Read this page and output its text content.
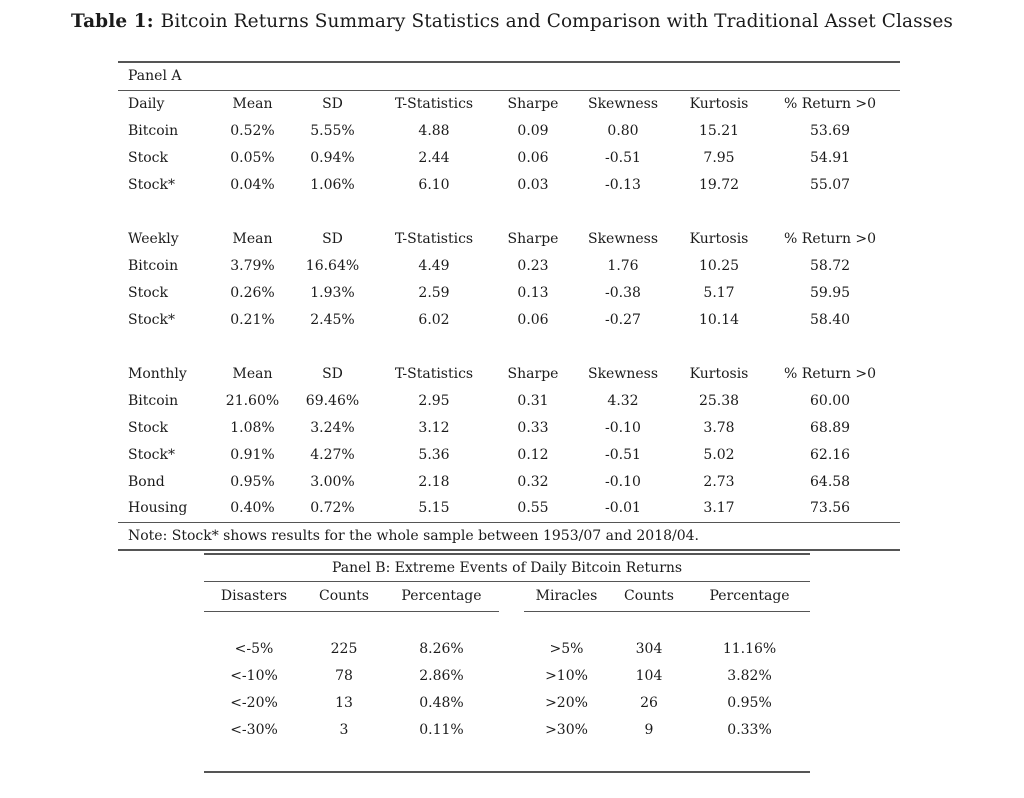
Table 1: Bitcoin Returns Summary Statistics and Comparison with Traditional Asset Classes
Panel A							
Daily	Mean	SD	T-Statistics	Sharpe	Skewness	Kurtosis	% Return >0
Bitcoin	0.52%	5.55%	4.88	0.09	0.80	15.21	53.69
Stock	0.05%	0.94%	2.44	0.06	-0.51	7.95	54.91
Stock*	0.04%	1.06%	6.10	0.03	-0.13	19.72	55.07

Weekly	Mean	SD	T-Statistics	Sharpe	Skewness	Kurtosis	% Return >0
Bitcoin	3.79%	16.64%	4.49	0.23	1.76	10.25	58.72
Stock	0.26%	1.93%	2.59	0.13	-0.38	5.17	59.95
Stock*	0.21%	2.45%	6.02	0.06	-0.27	10.14	58.40

Monthly	Mean	SD	T-Statistics	Sharpe	Skewness	Kurtosis	% Return >0
Bitcoin	21.60%	69.46%	2.95	0.31	4.32	25.38	60.00
Stock	1.08%	3.24%	3.12	0.33	-0.10	3.78	68.89
Stock*	0.91%	4.27%	5.36	0.12	-0.51	5.02	62.16
Bond	0.95%	3.00%	2.18	0.32	-0.10	2.73	64.58
Housing	0.40%	0.72%	5.15	0.55	-0.01	3.17	73.56
Note: Stock* shows results for the whole sample between 1953/07 and 2018/04.							
Panel B: Extreme Events of Daily Bitcoin Returns						
Disasters	Counts	Percentage		Miracles	Counts	Percentage

<-5%	225	8.26%		>5%	304	11.16%
<-10%	78	2.86%		>10%	104	3.82%
<-20%	13	0.48%		>20%	26	0.95%
<-30%	3	0.11%		>30%	9	0.33%
